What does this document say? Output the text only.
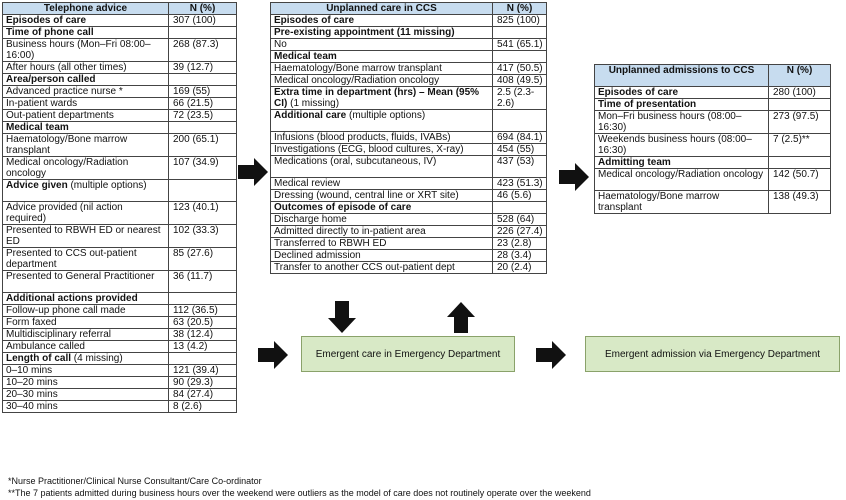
Telephone advice	N (%)
Episodes of care	307 (100)
Time of phone call	
Business hours (Mon–Fri 08:00–16:00)	268 (87.3)
After hours (all other times)	39 (12.7)
Area/person called	
Advanced practice nurse *	169 (55)
In-patient wards	66 (21.5)
Out-patient departments	72 (23.5)
Medical team	
Haematology/Bone marrow transplant	200 (65.1)
Medical oncology/Radiation oncology	107 (34.9)
Advice given (multiple options)	
Advice provided (nil action required)	123 (40.1)
Presented to RBWH ED or nearest ED	102 (33.3)
Presented to CCS out-patient department	85 (27.6)
Presented to General Practitioner	36 (11.7)
Additional actions provided	
Follow-up phone call made	112 (36.5)
Form faxed	63 (20.5)
Multidisciplinary referral	38 (12.4)
Ambulance called	13 (4.2)
Length of call (4 missing)	
0–10 mins	121 (39.4)
10–20 mins	90 (29.3)
20–30 mins	84 (27.4)
30–40 mins	8 (2.6)
Unplanned care in CCS	N (%)
Episodes of care	825 (100)
Pre-existing appointment (11 missing)	
No	541 (65.1)
Medical team	
Haematology/Bone marrow transplant	417 (50.5)
Medical oncology/Radiation oncology	408 (49.5)
Extra time in department (hrs) – Mean (95% CI) (1 missing)	2.5 (2.3-2.6)
Additional care (multiple options)	
Infusions (blood products, fluids, IVABs)	694 (84.1)
Investigations (ECG, blood cultures, X-ray)	454 (55)
Medications (oral, subcutaneous, IV)	437 (53)
Medical review	423 (51.3)
Dressing (wound, central line or XRT site)	46 (5.6)
Outcomes of episode of care	
Discharge home	528 (64)
Admitted directly to in-patient area	226 (27.4)
Transferred to RBWH ED	23 (2.8)
Declined admission	28 (3.4)
Transfer to another CCS out-patient dept	20 (2.4)
Unplanned admissions to CCS	N (%)
Episodes of care	280 (100)
Time of presentation	
Mon–Fri business hours (08:00–16:30)	273 (97.5)
Weekends business hours (08:00–16:30)	7 (2.5)**
Admitting team	
Medical oncology/Radiation oncology	142 (50.7)
Haematology/Bone marrow transplant	138 (49.3)
Emergent care in Emergency Department	Emergent admission via Emergency Department
*Nurse Practitioner/Clinical Nurse Consultant/Care Co-ordinator
**The 7 patients admitted during business hours over the weekend were outliers as the model of care does not routinely operate over the weekend
